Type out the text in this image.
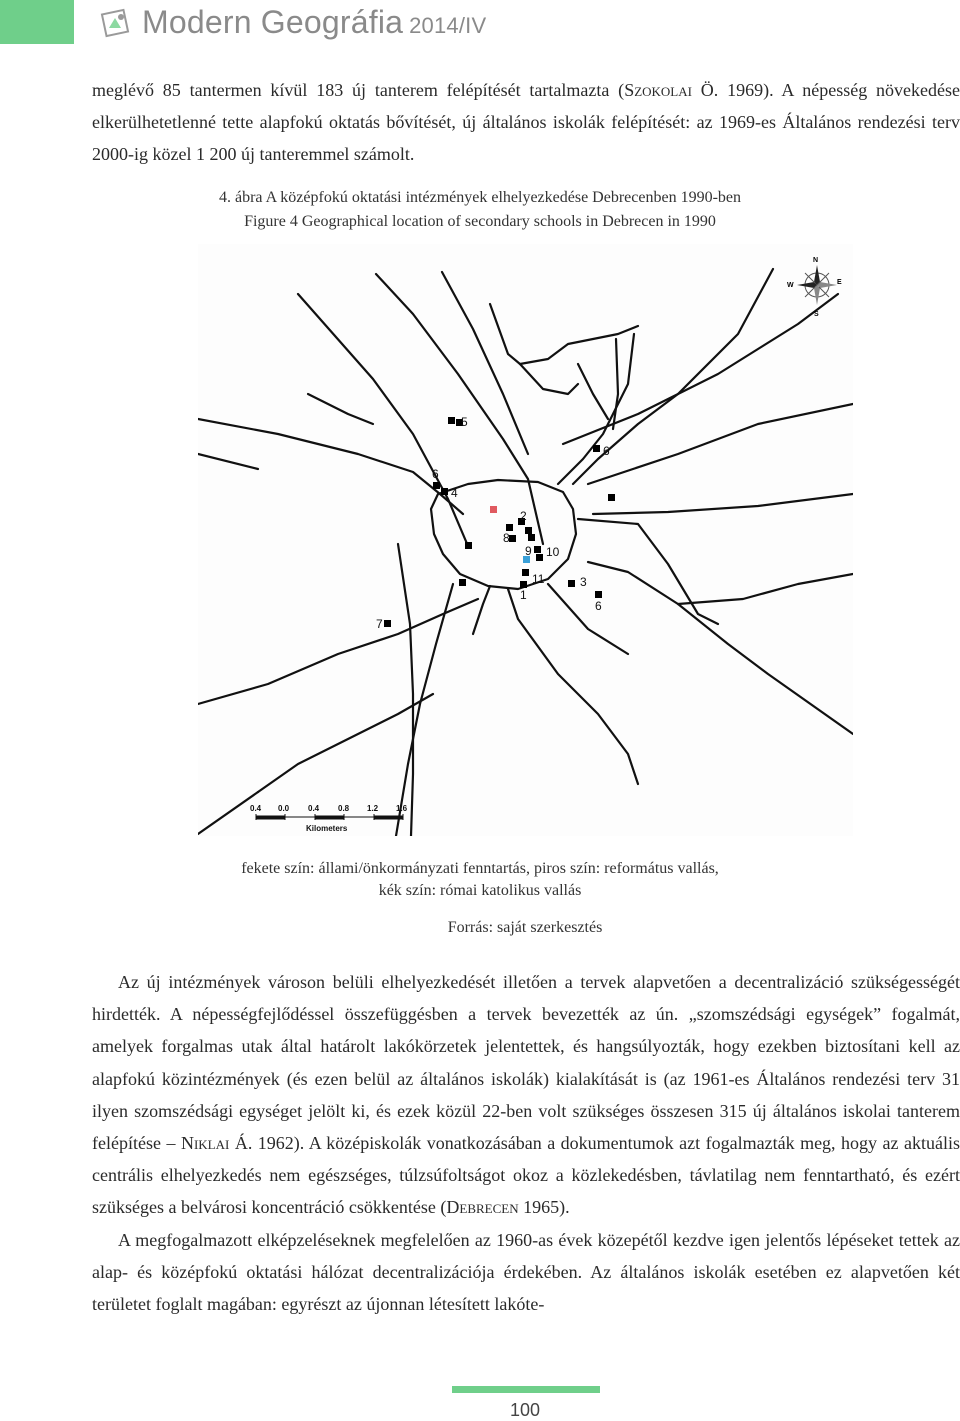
Modern Geográfia 2014/IV

meglévő 85 tantermen kívül 183 új tanterem felépítését tartalmazta (Szokolai Ö. 1969). A népesség növekedése elkerülhetetlenné tette alapfokú oktatás bővítését, új általános iskolák felépítését: az 1969-es Általános rendezési terv 2000-ig közel 1 200 új tanteremmel számolt.

4. ábra A középfokú oktatási intézmények elhelyezkedése Debrecenben 1990-ben
Figure 4 Geographical location of secondary schools in Debrecen in 1990
N
S
E
W
5
6
6
4
2
8
9 10
11
1
3
6
7
0.4 0.0 0.4 0.8 1.2 1.6
Kilometers
fekete szín: állami/önkormányzati fenntartás, piros szín: református vallás,
kék szín: római katolikus vallás
Forrás: saját szerkesztés

Az új intézmények városon belüli elhelyezkedését illetően a tervek alapvetően a decentralizáció szükségességét hirdették. A népességfejlődéssel összefüggésben a tervek bevezették az ún. „szomszédsági egységek” fogalmát, amelyek forgalmas utak által határolt lakókörzetek jelentettek, és hangsúlyozták, hogy ezekben biztosítani kell az alapfokú közintézmények (és ezen belül az általános iskolák) kialakítását is (az 1961-es Általános rendezési terv 31 ilyen szomszédsági egységet jelölt ki, és ezek közül 22-ben volt szükséges összesen 315 új általános iskolai tanterem felépítése – Niklai Á. 1962). A középiskolák vonatkozásában a dokumentumok azt fogalmazták meg, hogy az aktuális centrális elhelyezkedés nem egészséges, túlzsúfoltságot okoz a közlekedésben, távlatilag nem fenntartható, és ezért szükséges a belvárosi koncentráció csökkentése (Debrecen 1965).

A megfogalmazott elképzeléseknek megfelelően az 1960-as évek közepétől kezdve igen jelentős lépéseket tettek az alap- és középfokú oktatási hálózat decentralizációja érdekében. Az általános iskolák esetében ez alapvetően két területet foglalt magában: egyrészt az újonnan létesített lakóte-

100
